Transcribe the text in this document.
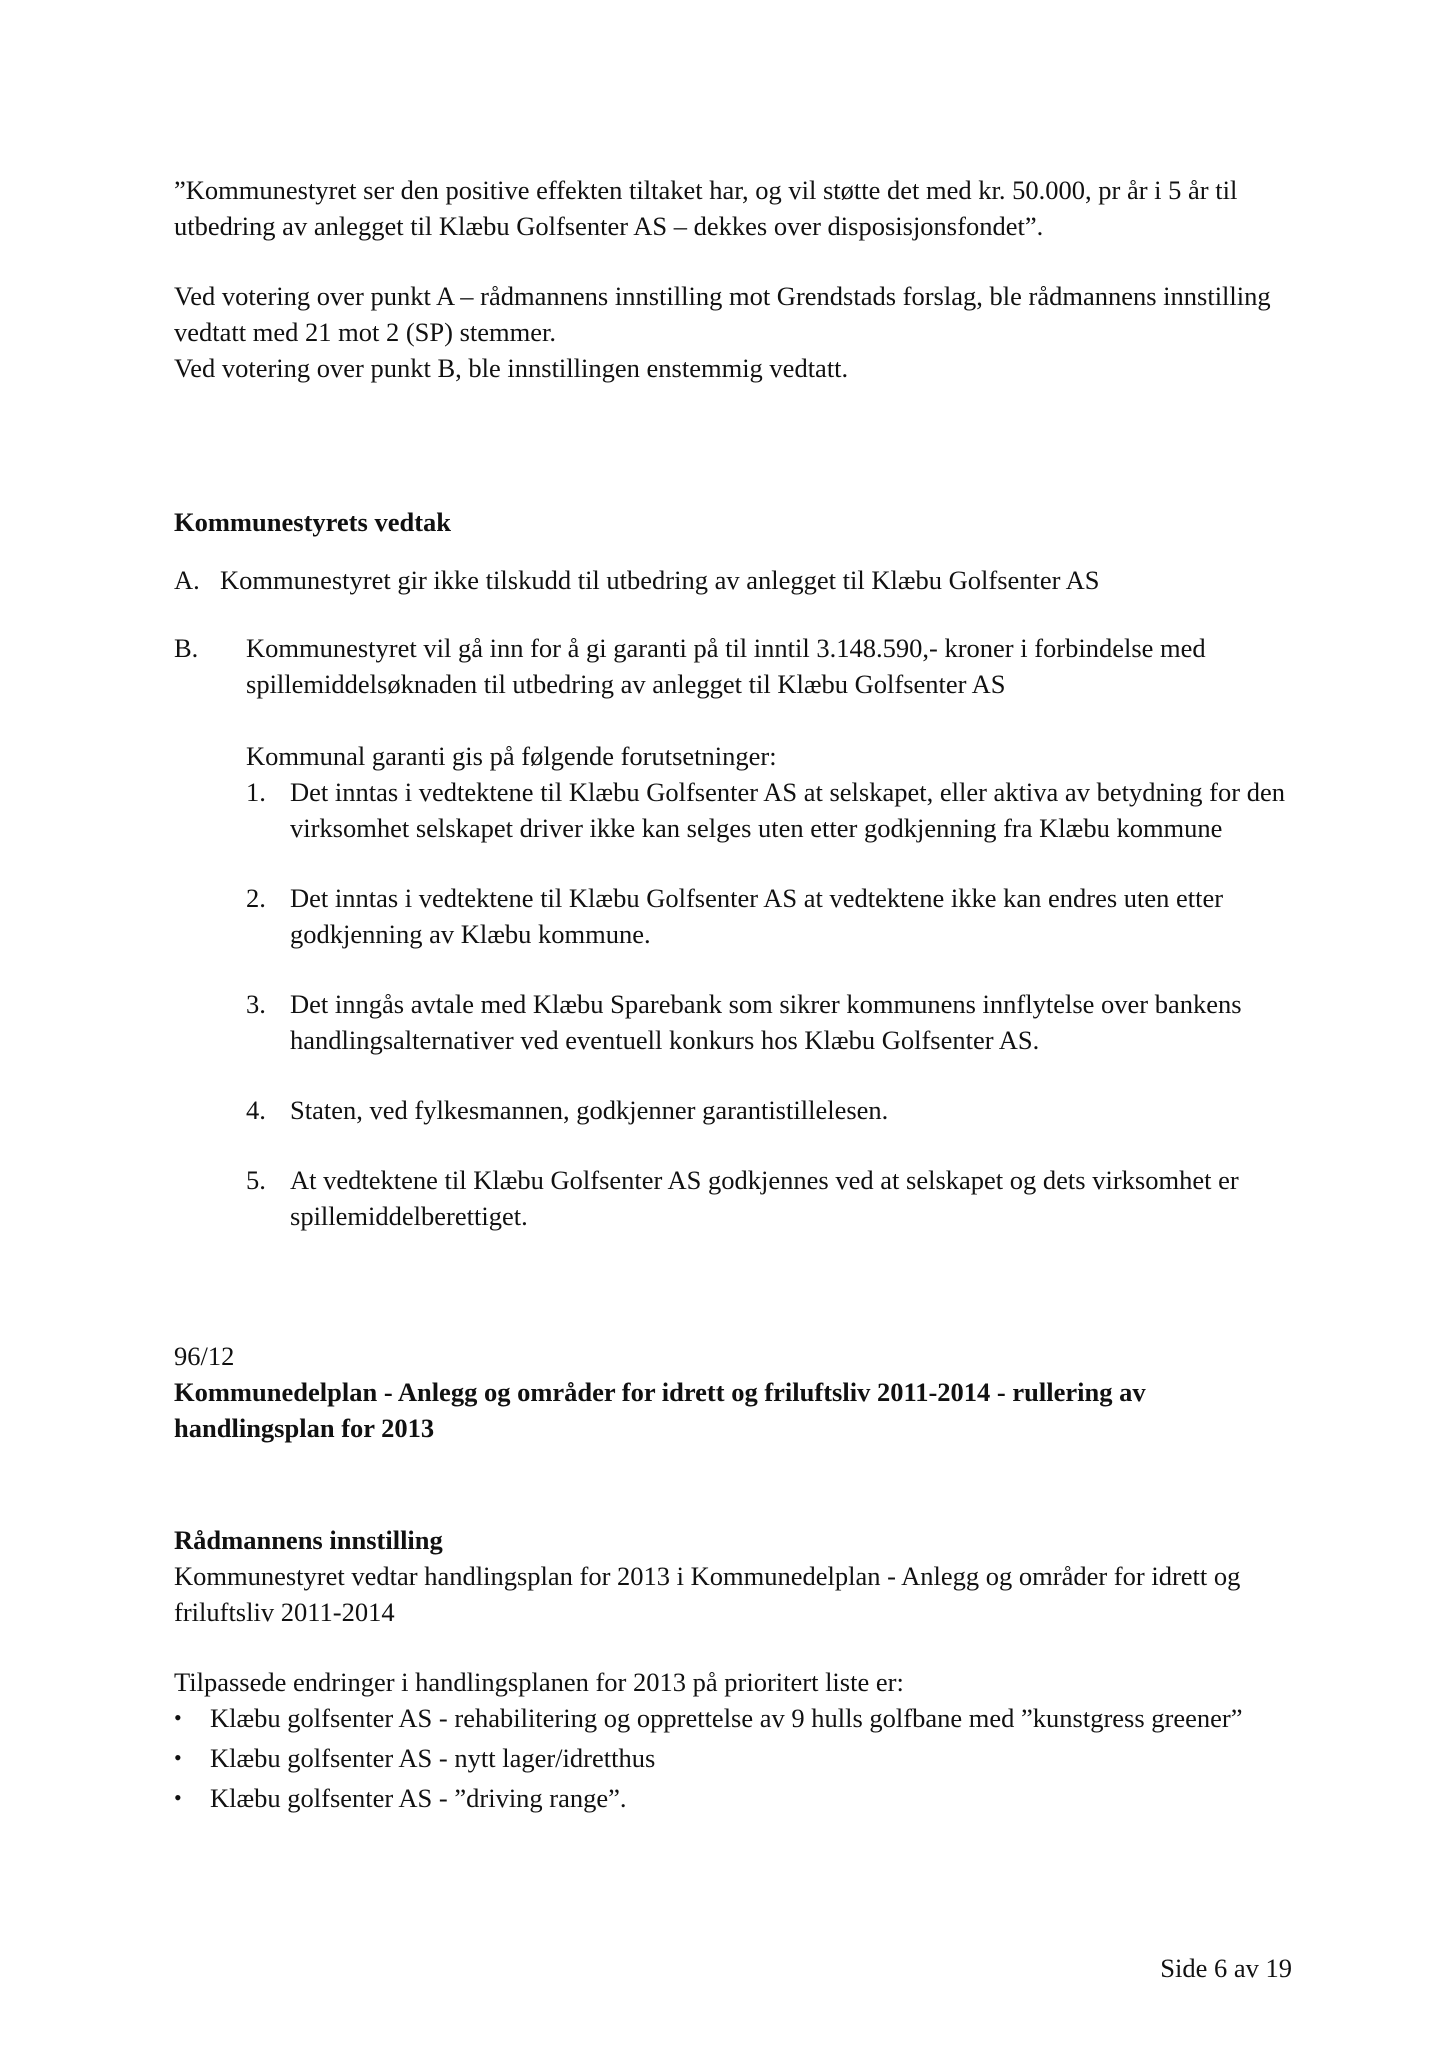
”Kommunestyret ser den positive effekten tiltaket har, og vil støtte det med kr. 50.000, pr år i 5 år til utbedring av anlegget til Klæbu Golfsenter AS – dekkes over disposisjonsfondet”.

Ved votering over punkt A – rådmannens innstilling mot Grendstads forslag, ble rådmannens innstilling vedtatt med 21 mot 2 (SP) stemmer.

Ved votering over punkt B, ble innstillingen enstemmig vedtatt.

Kommunestyrets vedtak

A. Kommunestyret gir ikke tilskudd til utbedring av anlegget til Klæbu Golfsenter AS
B.	Kommunestyret vil gå inn for å gi garanti på til inntil 3.148.590,- kroner i forbindelse med spillemiddelsøknaden til utbedring av anlegget til Klæbu Golfsenter AS

Kommunal garanti gis på følgende forutsetninger:

1. Det inntas i vedtektene til Klæbu Golfsenter AS at selskapet, eller aktiva av betydning for den virksomhet selskapet driver ikke kan selges uten etter godkjenning fra Klæbu kommune
2. Det inntas i vedtektene til Klæbu Golfsenter AS at vedtektene ikke kan endres uten etter godkjenning av Klæbu kommune.
3. Det inngås avtale med Klæbu Sparebank som sikrer kommunens innflytelse over bankens handlingsalternativer ved eventuell konkurs hos Klæbu Golfsenter AS.
4. Staten, ved fylkesmannen, godkjenner garantistillelesen.
5. At vedtektene til Klæbu Golfsenter AS godkjennes ved at selskapet og dets virksomhet er spillemiddelberettiget.

96/12

Kommunedelplan - Anlegg og områder for idrett og friluftsliv 2011-2014 - rullering av handlingsplan for 2013

Rådmannens innstilling

Kommunestyret vedtar handlingsplan for 2013 i Kommunedelplan - Anlegg og områder for idrett og friluftsliv 2011-2014

Tilpassede endringer i handlingsplanen for 2013 på prioritert liste er:

•	Klæbu golfsenter AS - rehabilitering og opprettelse av 9 hulls golfbane med ”kunstgress greener”
•	Klæbu golfsenter AS - nytt lager/idretthus
•	Klæbu golfsenter AS - ”driving range”.
Side 6 av 19
